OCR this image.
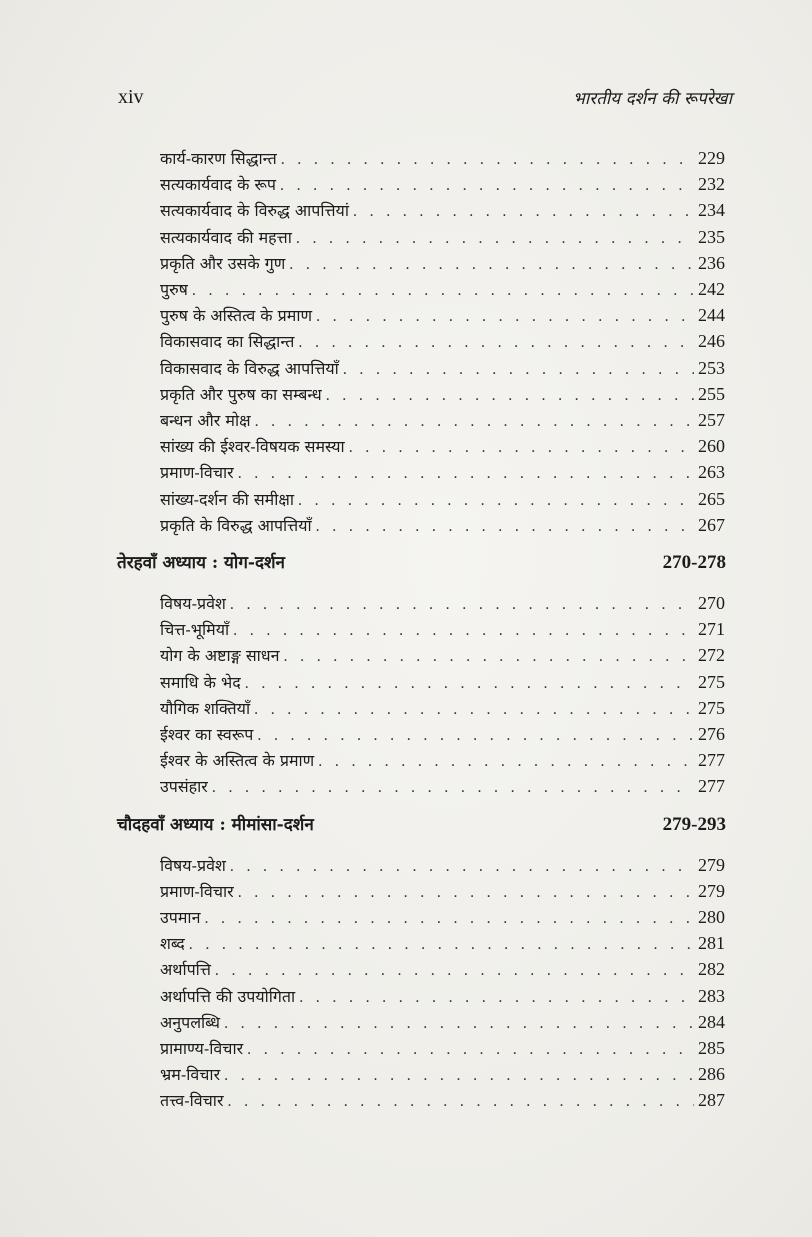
xiv	भारतीय दर्शन की रूपरेखा
कार्य-कारण सिद्धान्त . . .	229
सत्यकार्यवाद के रूप . . .	232
सत्यकार्यवाद के विरुद्ध आपत्तियां . . .	234
सत्यकार्यवाद की महत्ता . . .	235
प्रकृति और उसके गुण . . .	236
पुरुष . . .	242
पुरुष के अस्तित्व के प्रमाण . . .	244
विकासवाद का सिद्धान्त . . .	246
विकासवाद के विरुद्ध आपत्तियाँ . . .	253
प्रकृति और पुरुष का सम्बन्ध . . .	255
बन्धन और मोक्ष . . .	257
सांख्य की ईश्वर-विषयक समस्या . . .	260
प्रमाण-विचार . . .	263
सांख्य-दर्शन की समीक्षा . . .	265
प्रकृति के विरुद्ध आपत्तियाँ . . .	267
तेरहवाँ अध्याय : योग-दर्शन	270-278
विषय-प्रवेश . . .	270
चित्त-भूमियाँ . . .	271
योग के अष्टाङ्ग साधन . . .	272
समाधि के भेद . . .	275
यौगिक शक्तियाँ . . .	275
ईश्वर का स्वरूप . . .	276
ईश्वर के अस्तित्व के प्रमाण . . .	277
उपसंहार . . .	277
चौदहवाँ अध्याय : मीमांसा-दर्शन	279-293
विषय-प्रवेश . . .	279
प्रमाण-विचार . . .	279
उपमान . . .	280
शब्द . . .	281
अर्थापत्ति . . .	282
अर्थापत्ति की उपयोगिता . . .	283
अनुपलब्धि . . .	284
प्रामाण्य-विचार . . .	285
भ्रम-विचार . . .	286
तत्त्व-विचार . . .	287
